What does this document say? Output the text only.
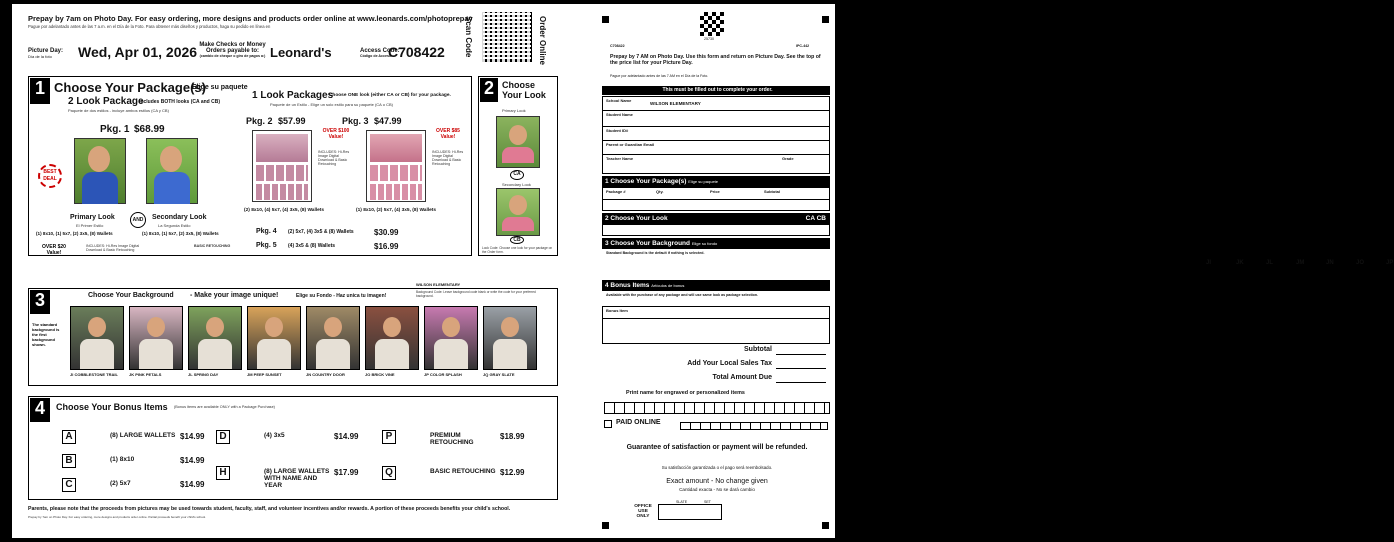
Prepay by 7am on Photo Day. For easy ordering, more designs and products order online at www.leonards.com/photoprepay
Pague por adelantado antes de las 7 a.m. en el Día de la Foto. Para obtener más diseños y productos, haga su pedido en línea en
Picture Day:
Día de la foto	Wed, Apr 01, 2026 Make Checks or Money Orders payable to:
(cambio de cheque o giro de pagos a:) Leonard's	Access Code:
Código de Acceso
C708422 Scan Code	Order Online
1 Choose Your Package(s)
Elige su paquete
2 Look Package
- Includes BOTH looks (CA and CB)
Paquete de dos estilos - incluye ambos estilos (CA y CB)
Pkg. 1 $68.99
BEST DEAL
Primary Look
El Primer Estilo
AND	Secondary Look
La Segunda Estilo
(1) 8x10, (1) 5x7, (2) 3x5, (8) Wallets	(1) 8x10, (1) 5x7, (2) 3x5, (8) Wallets
OVER $20 Value!
INCLUDES: Hi-Res Image Digital Download & Basic Retouching
BASIC RETOUCHING
1 Look Packages
- Choose ONE look (either CA or CB) for your package.
Paquete de un Estilo - Elige un solo estilo para su paquete (CA o CB)
Pkg. 2 $57.99	Pkg. 3 $47.99
OVER $100 Value!
OVER $85 Value!
INCLUDES: Hi-Res Image Digital Download & Basic Retouching
INCLUDES: Hi-Res Image Digital Download & Basic Retouching
(2) 8x10, (4) 5x7, (4) 3x5, (8) Wallets	(1) 8x10, (2) 5x7, (4) 3x5, (8) Wallets
Pkg. 4 (2) 5x7, (4) 3x5 & (8) Wallets	$30.99
Pkg. 5 (4) 3x5 & (8) Wallets	$16.99
2 Choose Your Look
Primary Look
CA
Secondary Look
CB
Look Code: Choose one look for your package on the Order form.
3	Choose Your Background - Make your image unique!	Elige su Fondo - Haz unica tu imagen!
WILSON ELEMENTARY
Background Code: Leave background code blank or write the code for your preferred background.
The standard background is the first background shown.
JI COBBLESTONE TRAIL	JK PINK PETALS	JL SPRING DAY	JM PEEP SUNSET	JN COUNTRY DOOR	JO BRICK VINE	JP COLOR SPLASH	JQ GRAY SLATE
4	Choose Your Bonus Items (Bonus items are available ONLY with a Package Purchase)
A	(8) LARGE WALLETS $14.99
B	(1) 8x10	$14.99
C	(2) 5x7	$14.99
D	(4) 3x5	$14.99
H	(8) LARGE WALLETS WITH NAME AND YEAR
$17.99
P	PREMIUM RETOUCHING
$18.99
Q	BASIC RETOUCHING $12.99
Parents, please note that the proceeds from pictures may be used towards student, faculty, staff, and volunteer incentives and/or rewards. A portion of these proceeds benefits your child's school.
Prepay by 7am on Photo Day. For easy ordering, more designs and products order online. Partial proceeds benefit your child's school.
25730
C708422	IPC-442
Prepay by 7 AM on Photo Day. Use this form and return on Picture Day. See the top of the price list for your Picture Day.
Pague por adelantado antes de las 7 AM en el Día de la Foto.
This must be filled out to complete your order.
School Name
WILSON ELEMENTARY
Student Name
Student ID#
Parent or Guardian Email
Teacher Name	Grade
1 Choose Your Package(s) Elige su paquete
Package #	Qty.	Price	Subtotal
2 Choose Your Look	CA CB
3 Choose Your Background Elige su fondo
Standard Background is the default if nothing is selected.
JI	JK	JL	JM	JN	JO	JP
4 Bonus Items Artículos de bonus
Available with the purchase of any package and will use same look as package selection.
Bonus Item
Subtotal
Add Your Local Sales Tax
Total Amount Due
Print name for engraved or personalized items
PAID ONLINE
Guarantee of satisfaction or payment will be refunded.
Su satisfacción garantizada o el pago será reembolsado.
Exact amount - No change given
Cantidad exacta - No se dará cambio
OFFICE USE ONLY
SLATE	SET
